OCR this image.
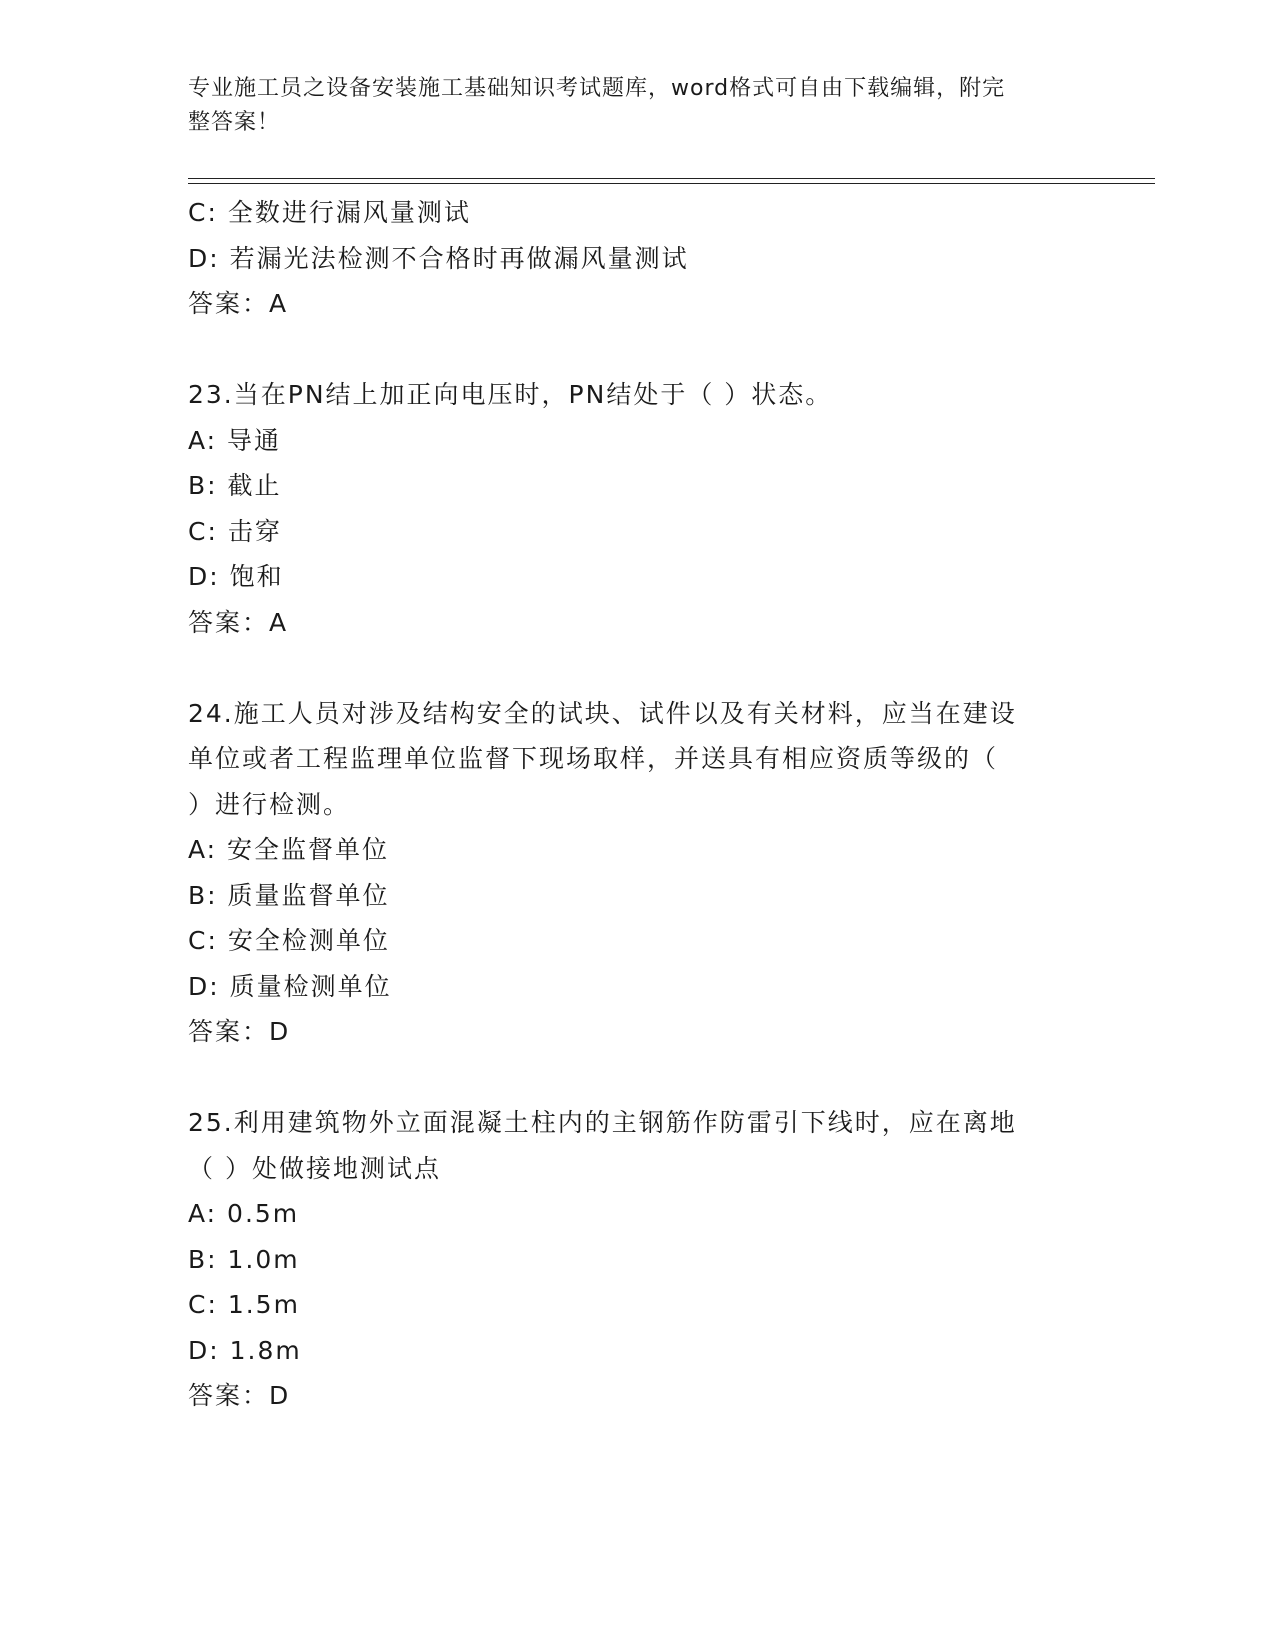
专业施工员之设备安装施工基础知识考试题库，word格式可自由下载编辑，附完
整答案！
C: 全数进行漏风量测试
D: 若漏光法检测不合格时再做漏风量测试
答案：A
23.当在PN结上加正向电压时，PN结处于（ ）状态。
A: 导通
B: 截止
C: 击穿
D: 饱和
答案：A
24.施工人员对涉及结构安全的试块、试件以及有关材料，应当在建设
单位或者工程监理单位监督下现场取样，并送具有相应资质等级的（
）进行检测。
A: 安全监督单位
B: 质量监督单位
C: 安全检测单位
D: 质量检测单位
答案：D
25.利用建筑物外立面混凝土柱内的主钢筋作防雷引下线时，应在离地
（ ）处做接地测试点
A: 0.5m
B: 1.0m
C: 1.5m
D: 1.8m
答案：D
